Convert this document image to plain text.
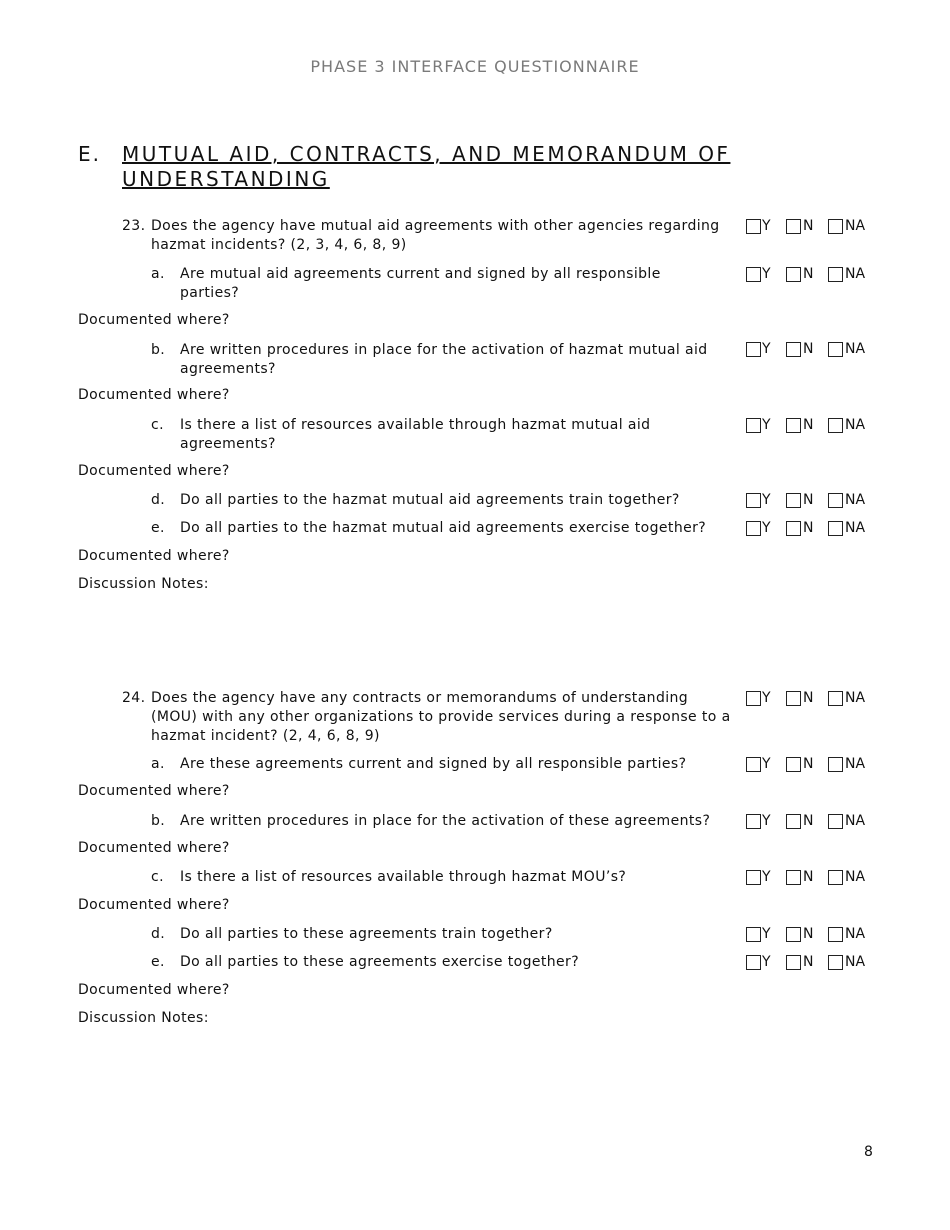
PHASE 3 INTERFACE QUESTIONNAIRE
E. MUTUAL AID, CONTRACTS, AND MEMORANDUM OF UNDERSTANDING
23. Does the agency have mutual aid agreements with other agencies regarding hazmat incidents? (2, 3, 4, 6, 8, 9)
Y N NA
a. Are mutual aid agreements current and signed by all responsible parties?
Y N NA
Documented where?
b. Are written procedures in place for the activation of hazmat mutual aid agreements?
Y N NA
Documented where?
c. Is there a list of resources available through hazmat mutual aid agreements?
Y N NA
Documented where?
d. Do all parties to the hazmat mutual aid agreements train together?	Y N NA
e. Do all parties to the hazmat mutual aid agreements exercise together?	Y N NA
Documented where?
Discussion Notes:
24. Does the agency have any contracts or memorandums of understanding (MOU) with any other organizations to provide services during a response to a hazmat incident? (2, 4, 6, 8, 9)
Y N NA
a. Are these agreements current and signed by all responsible parties?	Y N NA
Documented where?
b. Are written procedures in place for the activation of these agreements?	Y N NA
Documented where?
c. Is there a list of resources available through hazmat MOU’s?	Y N NA
Documented where?
d. Do all parties to these agreements train together?	Y N NA
e. Do all parties to these agreements exercise together?	Y N NA
Documented where?
Discussion Notes:
8
